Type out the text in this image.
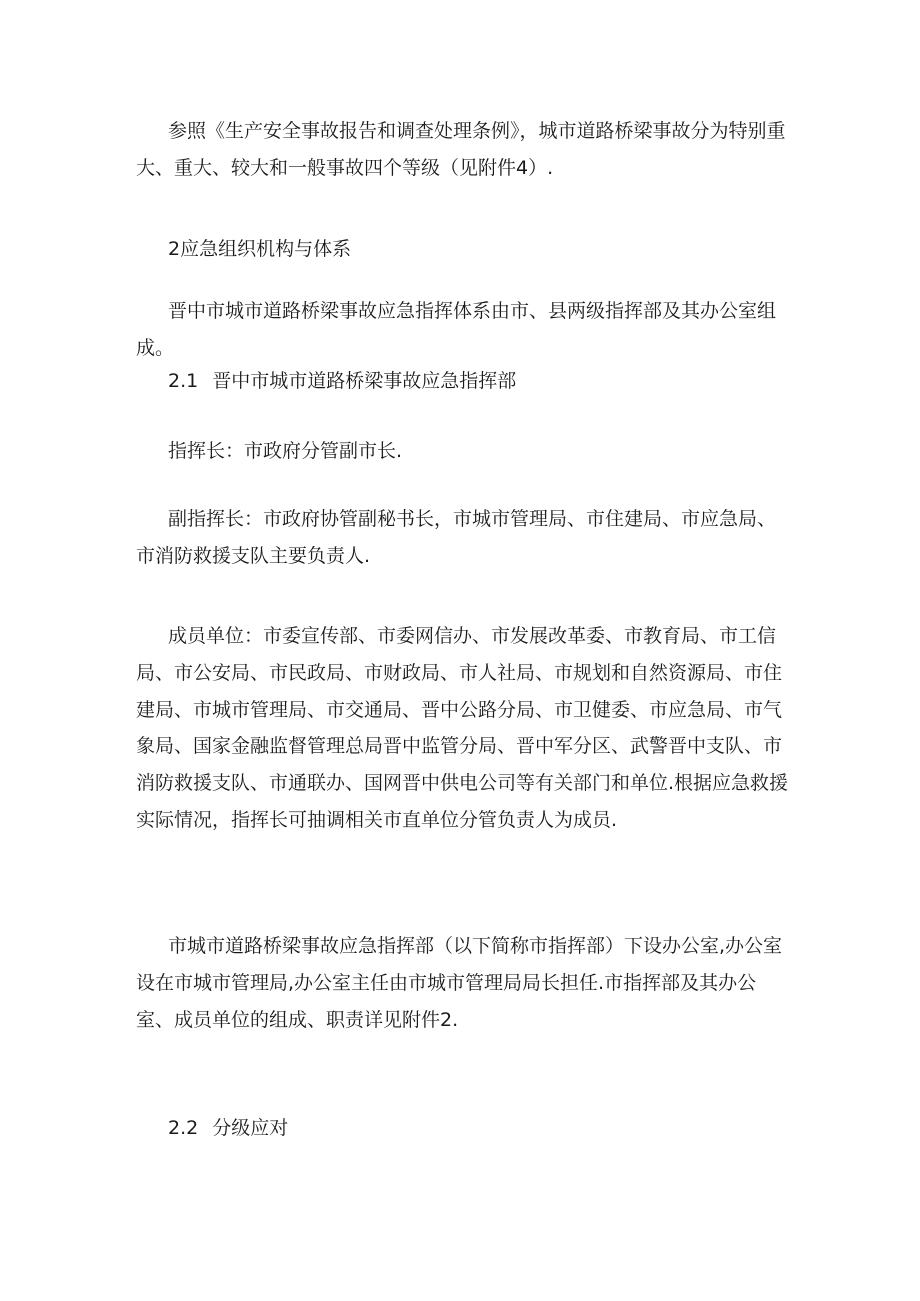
参照《生产安全事故报告和调查处理条例》，城市道路桥梁事故分为特别重大、重大、较大和一般事故四个等级（见附件4）.

2应急组织机构与体系

晋中市城市道路桥梁事故应急指挥体系由市、县两级指挥部及其办公室组成。

2.1 晋中市城市道路桥梁事故应急指挥部

指挥长：市政府分管副市长.

副指挥长：市政府协管副秘书长，市城市管理局、市住建局、市应急局、市消防救援支队主要负责人.

成员单位：市委宣传部、市委网信办、市发展改革委、市教育局、市工信局、市公安局、市民政局、市财政局、市人社局、市规划和自然资源局、市住建局、市城市管理局、市交通局、晋中公路分局、市卫健委、市应急局、市气象局、国家金融监督管理总局晋中监管分局、晋中军分区、武警晋中支队、市消防救援支队、市通联办、国网晋中供电公司等有关部门和单位.根据应急救援实际情况，指挥长可抽调相关市直单位分管负责人为成员.

市城市道路桥梁事故应急指挥部（以下简称市指挥部）下设办公室,办公室设在市城市管理局,办公室主任由市城市管理局局长担任.市指挥部及其办公室、成员单位的组成、职责详见附件2.

2.2 分级应对
